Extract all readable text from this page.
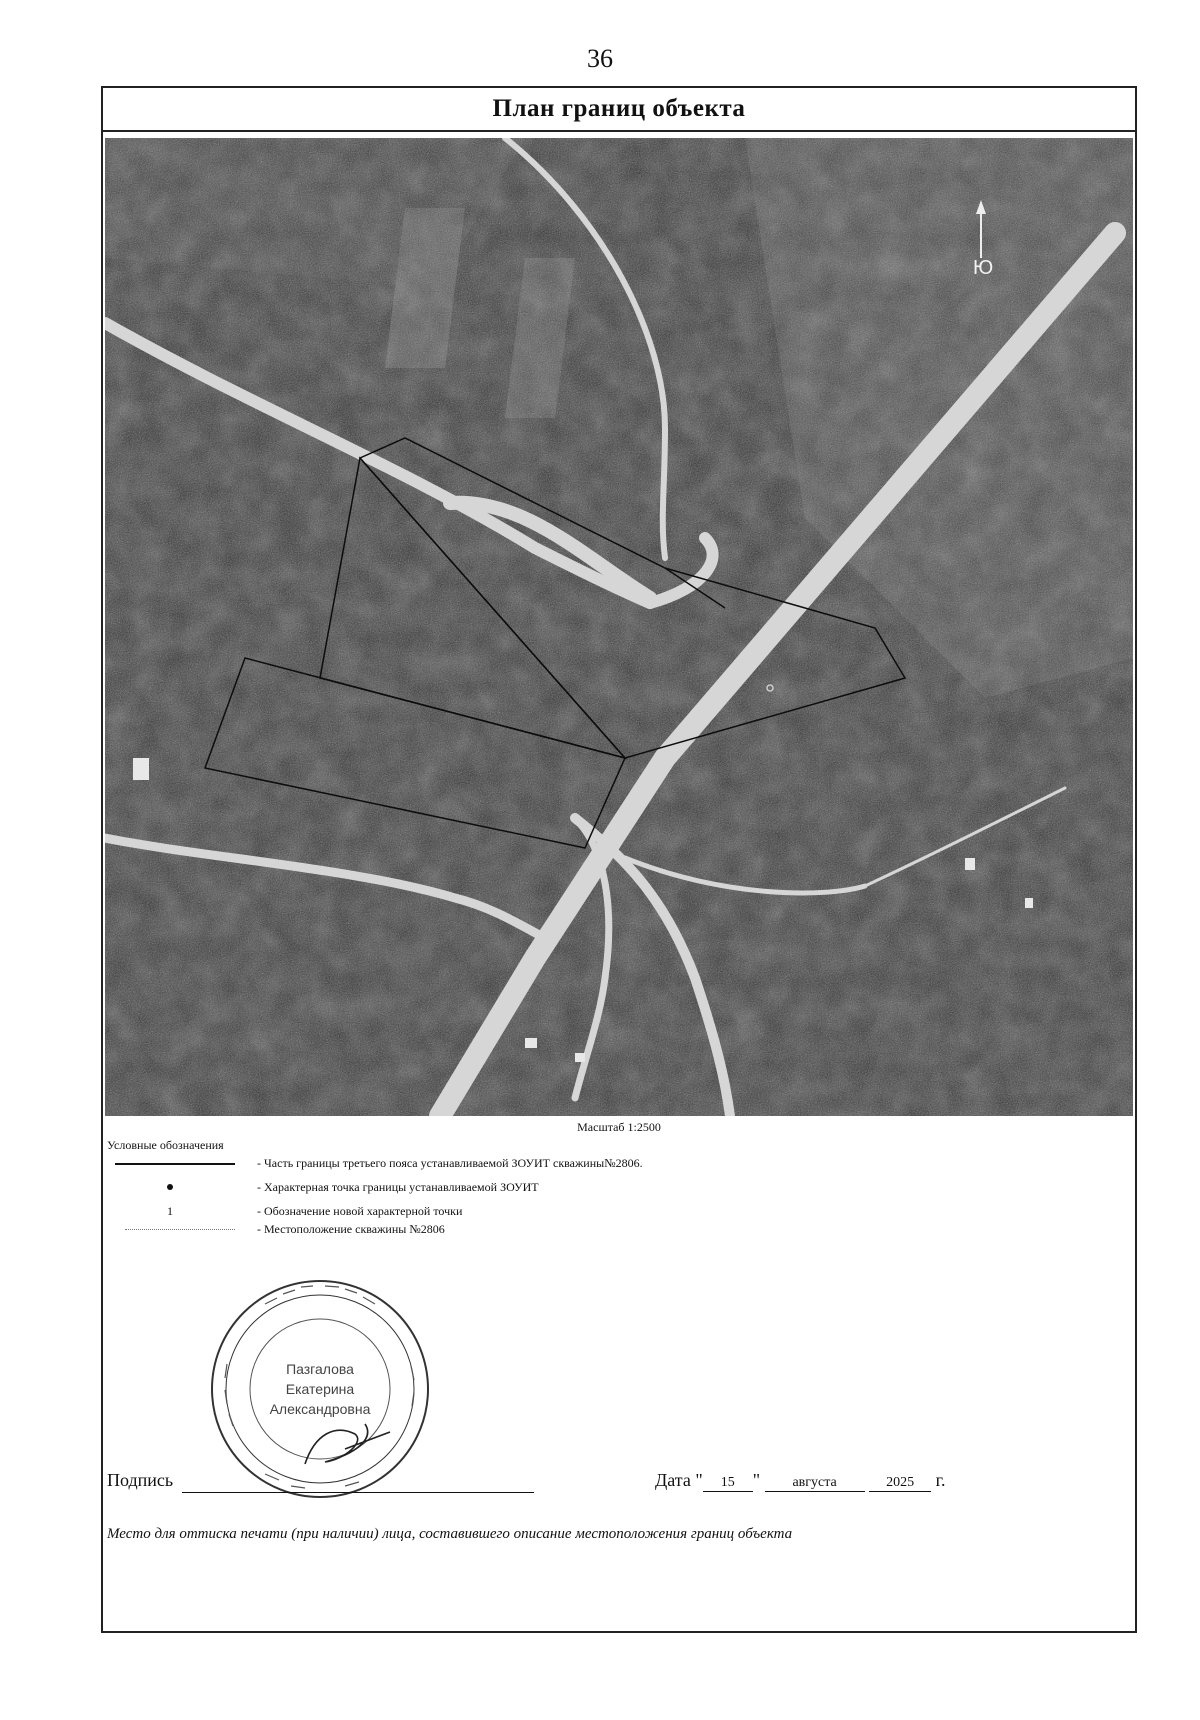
36
План границ объекта
Ю
Масштаб 1:2500
Условные обозначения
- Часть границы третьего пояса устанавливаемой ЗОУИТ скважины№2806.
- Характерная точка границы устанавливаемой ЗОУИТ
1	- Обозначение новой характерной точки
- Местоположение скважины №2806
Пазгалова
Екатерина
Александровна
Подпись	Дата " 15 " августа	2025 г.
Место для оттиска печати (при наличии) лица, составившего описание местоположения границ объекта
